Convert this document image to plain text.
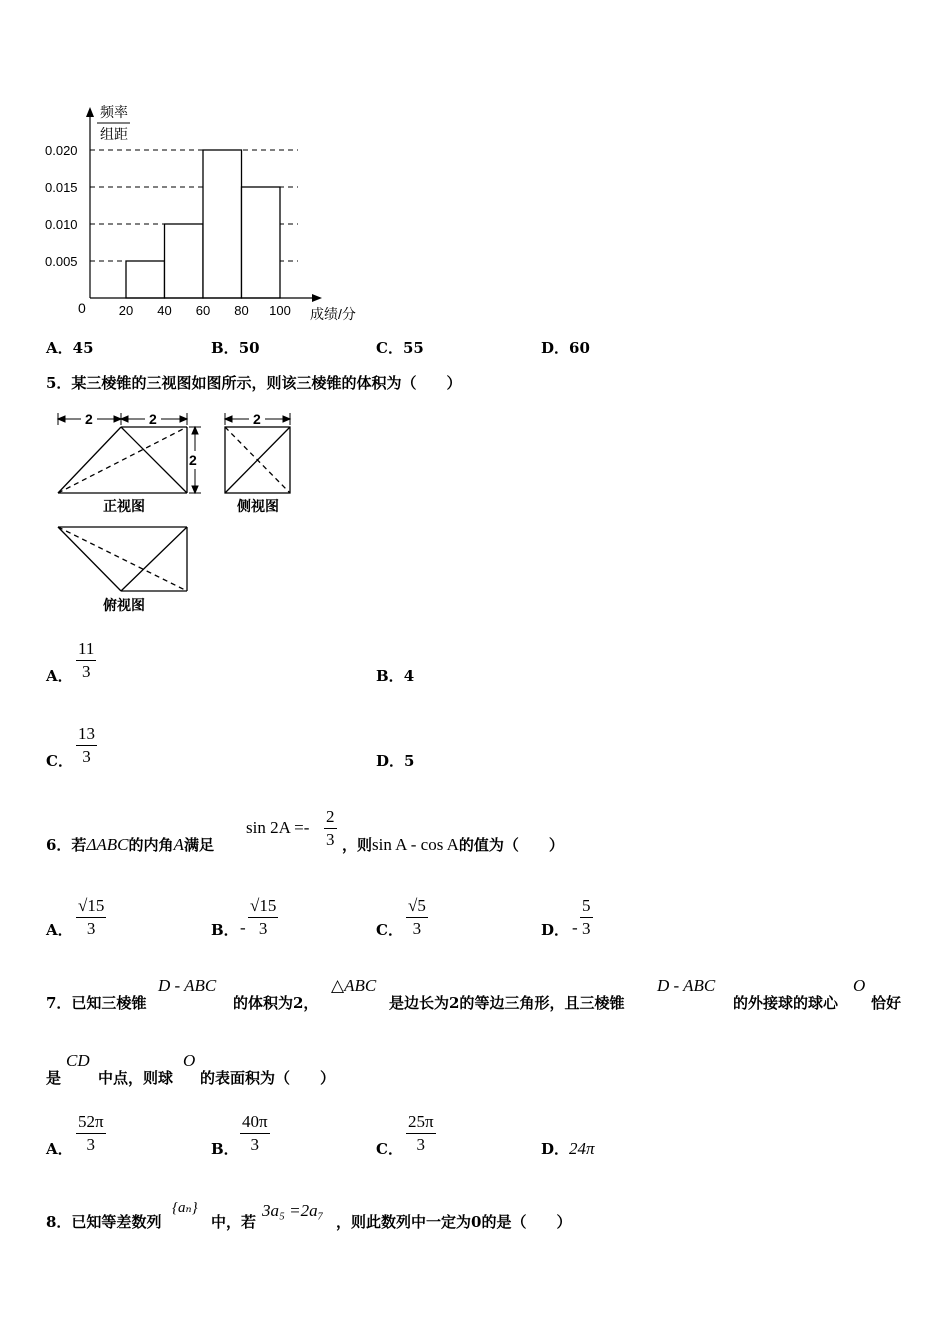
频率
组距
0.020
0.015
0.010
0.005
20 40 60 80 100
0	成绩/分
A．45	B．50	C．55	D．60
5．某三棱锥的三视图如图所示，则该三棱锥的体积为（　　）
2	2
2
正视图
2
侧视图
俯视图
A． $\frac{11}{3}$	B．4
C． $\frac{13}{3}$	D．5
6．若ΔABC的内角A满足
$\sin 2A =- \frac{2}{3}$ ，则sin A - cos A的值为（　　）
A． $\frac{√15}{3}$	B． - $\frac{√15}{3}$	C． $\frac{√5}{3}$	D． - $\frac{5}{3}$
7．已知三棱锥
D - ABC
的体积为2，
△ABC
是边长为2的等边三角形，且三棱锥
D - ABC
的外接球的球心
O
恰好
是
CD
中点，则球
O
的表面积为（　　）
A． $\frac{52\pi}{3}$	B． $\frac{40\pi}{3}$	C． $\frac{25\pi}{3}$	D．24π
8．已知等差数列
{aₙ}
中，若
3a₅ =2a₇
，则此数列中一定为0的是（　　）
